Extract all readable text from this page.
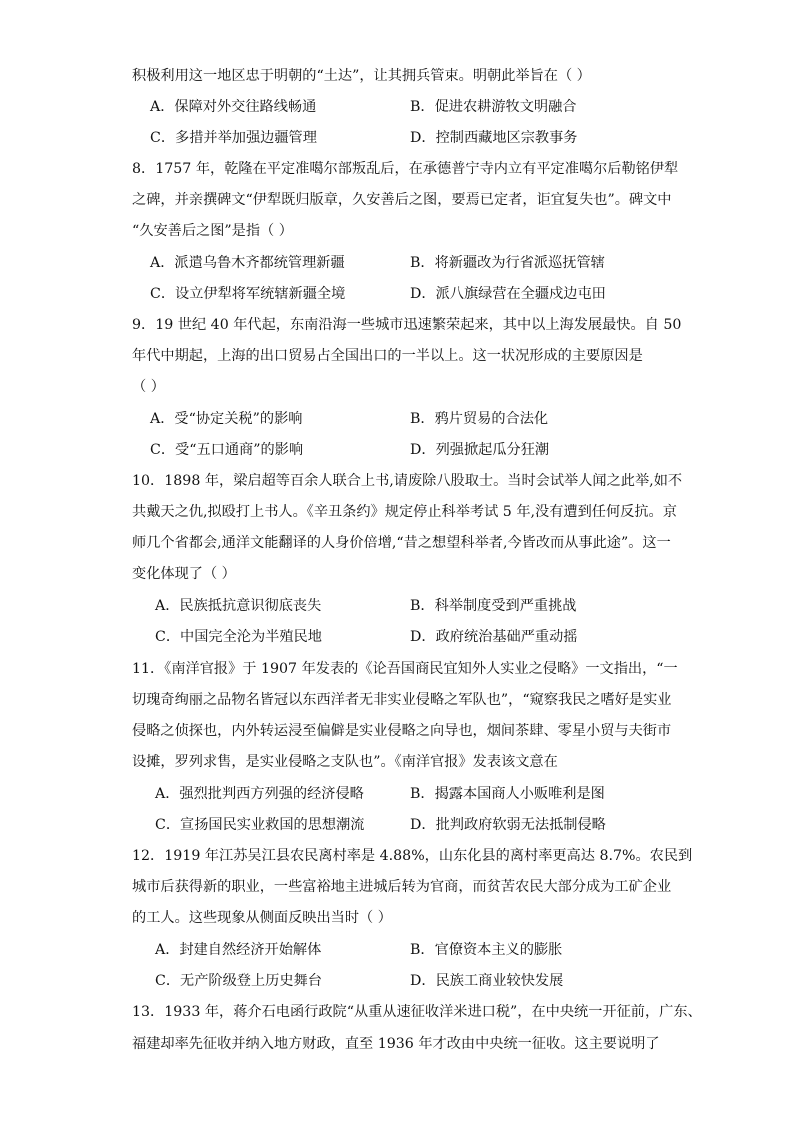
积极利用这一地区忠于明朝的“土达”，让其拥兵管束。明朝此举旨在（ ）
A．保障对外交往路线畅通	B．促进农耕游牧文明融合
C．多措并举加强边疆管理	D．控制西藏地区宗教事务
8．1757 年，乾隆在平定准噶尔部叛乱后，在承德普宁寺内立有平定准噶尔后勒铭伊犁
之碑，并亲撰碑文“伊犁既归版章，久安善后之图，要焉已定者，讵宜复失也”。碑文中
“久安善后之图”是指（ ）
A．派遣乌鲁木齐都统管理新疆	B．将新疆改为行省派巡抚管辖
C．设立伊犁将军统辖新疆全境	D．派八旗绿营在全疆戍边屯田
9．19 世纪 40 年代起，东南沿海一些城市迅速繁荣起来，其中以上海发展最快。自 50
年代中期起，上海的出口贸易占全国出口的一半以上。这一状况形成的主要原因是
（ ）
A．受“协定关税”的影响	B．鸦片贸易的合法化
C．受“五口通商”的影响	D．列强掀起瓜分狂潮
10．1898 年，梁启超等百余人联合上书,请废除八股取士。当时会试举人闻之此举,如不
共戴天之仇,拟殴打上书人。《辛丑条约》规定停止科举考试 5 年,没有遭到任何反抗。京
师几个省都会,通洋文能翻译的人身价倍增,“昔之想望科举者,今皆改而从事此途”。这一
变化体现了（ ）
A．民族抵抗意识彻底丧失	B．科举制度受到严重挑战
C．中国完全沦为半殖民地	D．政府统治基础严重动摇
11．《南洋官报》于 1907 年发表的《论吾国商民宜知外人实业之侵略》一文指出，“一
切瑰奇绚丽之品物名皆冠以东西洋者无非实业侵略之军队也”，“窥察我民之嗜好是实业
侵略之侦探也，内外转运浸至偏僻是实业侵略之向导也，烟间茶肆、零星小贸与夫街市
设摊，罗列求售，是实业侵略之支队也”。《南洋官报》发表该文意在
A．强烈批判西方列强的经济侵略	B．揭露本国商人小贩唯利是图
C．宣扬国民实业救国的思想潮流	D．批判政府软弱无法抵制侵略
12．1919 年江苏吴江县农民离村率是 4.88%，山东化县的离村率更高达 8.7%。农民到
城市后获得新的职业，一些富裕地主进城后转为官商，而贫苦农民大部分成为工矿企业
的工人。这些现象从侧面反映出当时（ ）
A．封建自然经济开始解体	B．官僚资本主义的膨胀
C．无产阶级登上历史舞台	D．民族工商业较快发展
13．1933 年，蒋介石电函行政院“从重从速征收洋米进口税”，在中央统一开征前，广东、
福建却率先征收并纳入地方财政，直至 1936 年才改由中央统一征收。这主要说明了
